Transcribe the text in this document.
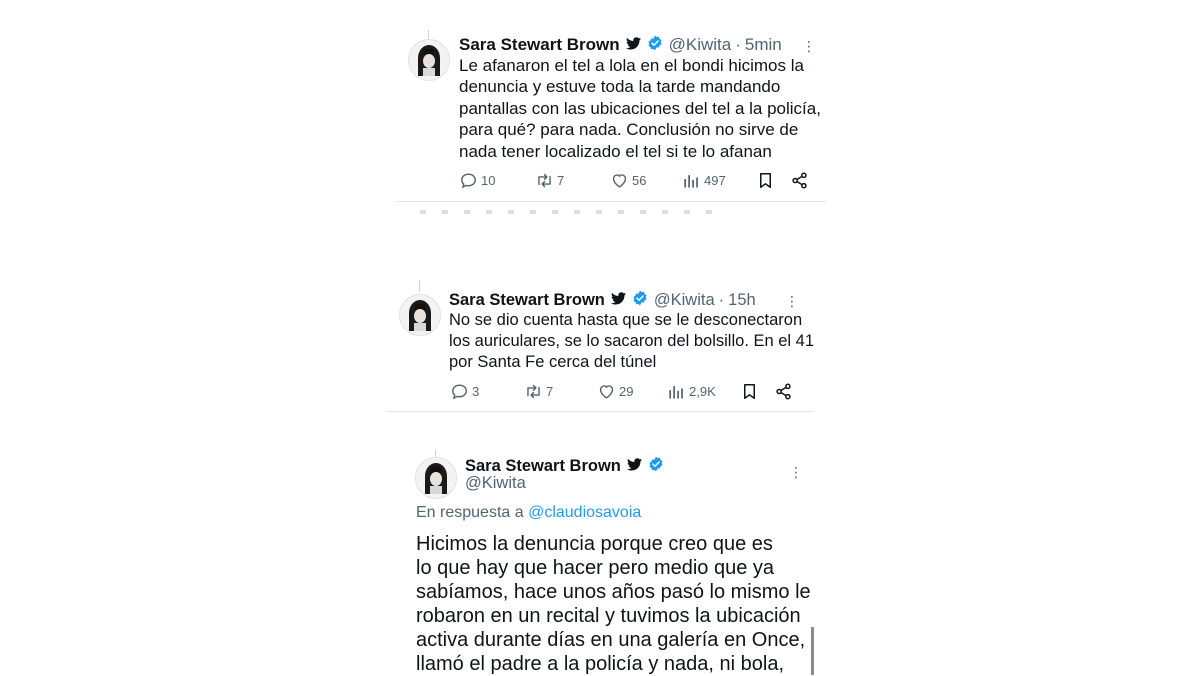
Sara Stewart Brown	@Kiwita · 5min ⋮
Le afanaron el tel a lola en el bondi hicimos la
denuncia y estuve toda la tarde mandando
pantallas con las ubicaciones del tel a la policía,
para qué? para nada. Conclusión no sirve de
nada tener localizado el tel si te lo afanan
10	7	56	497
Sara Stewart Brown	@Kiwita · 15h ⋮
No se dio cuenta hasta que se le desconectaron
los auriculares, se lo sacaron del bolsillo. En el 41
por Santa Fe cerca del túnel
3	7	29	2,9K
Sara Stewart Brown
@Kiwita
⋮
En respuesta a @claudiosavoia
Hicimos la denuncia porque creo que es
lo que hay que hacer pero medio que ya
sabíamos, hace unos años pasó lo mismo le
robaron en un recital y tuvimos la ubicación
activa durante días en una galería en Once,
llamó el padre a la policía y nada, ni bola,
